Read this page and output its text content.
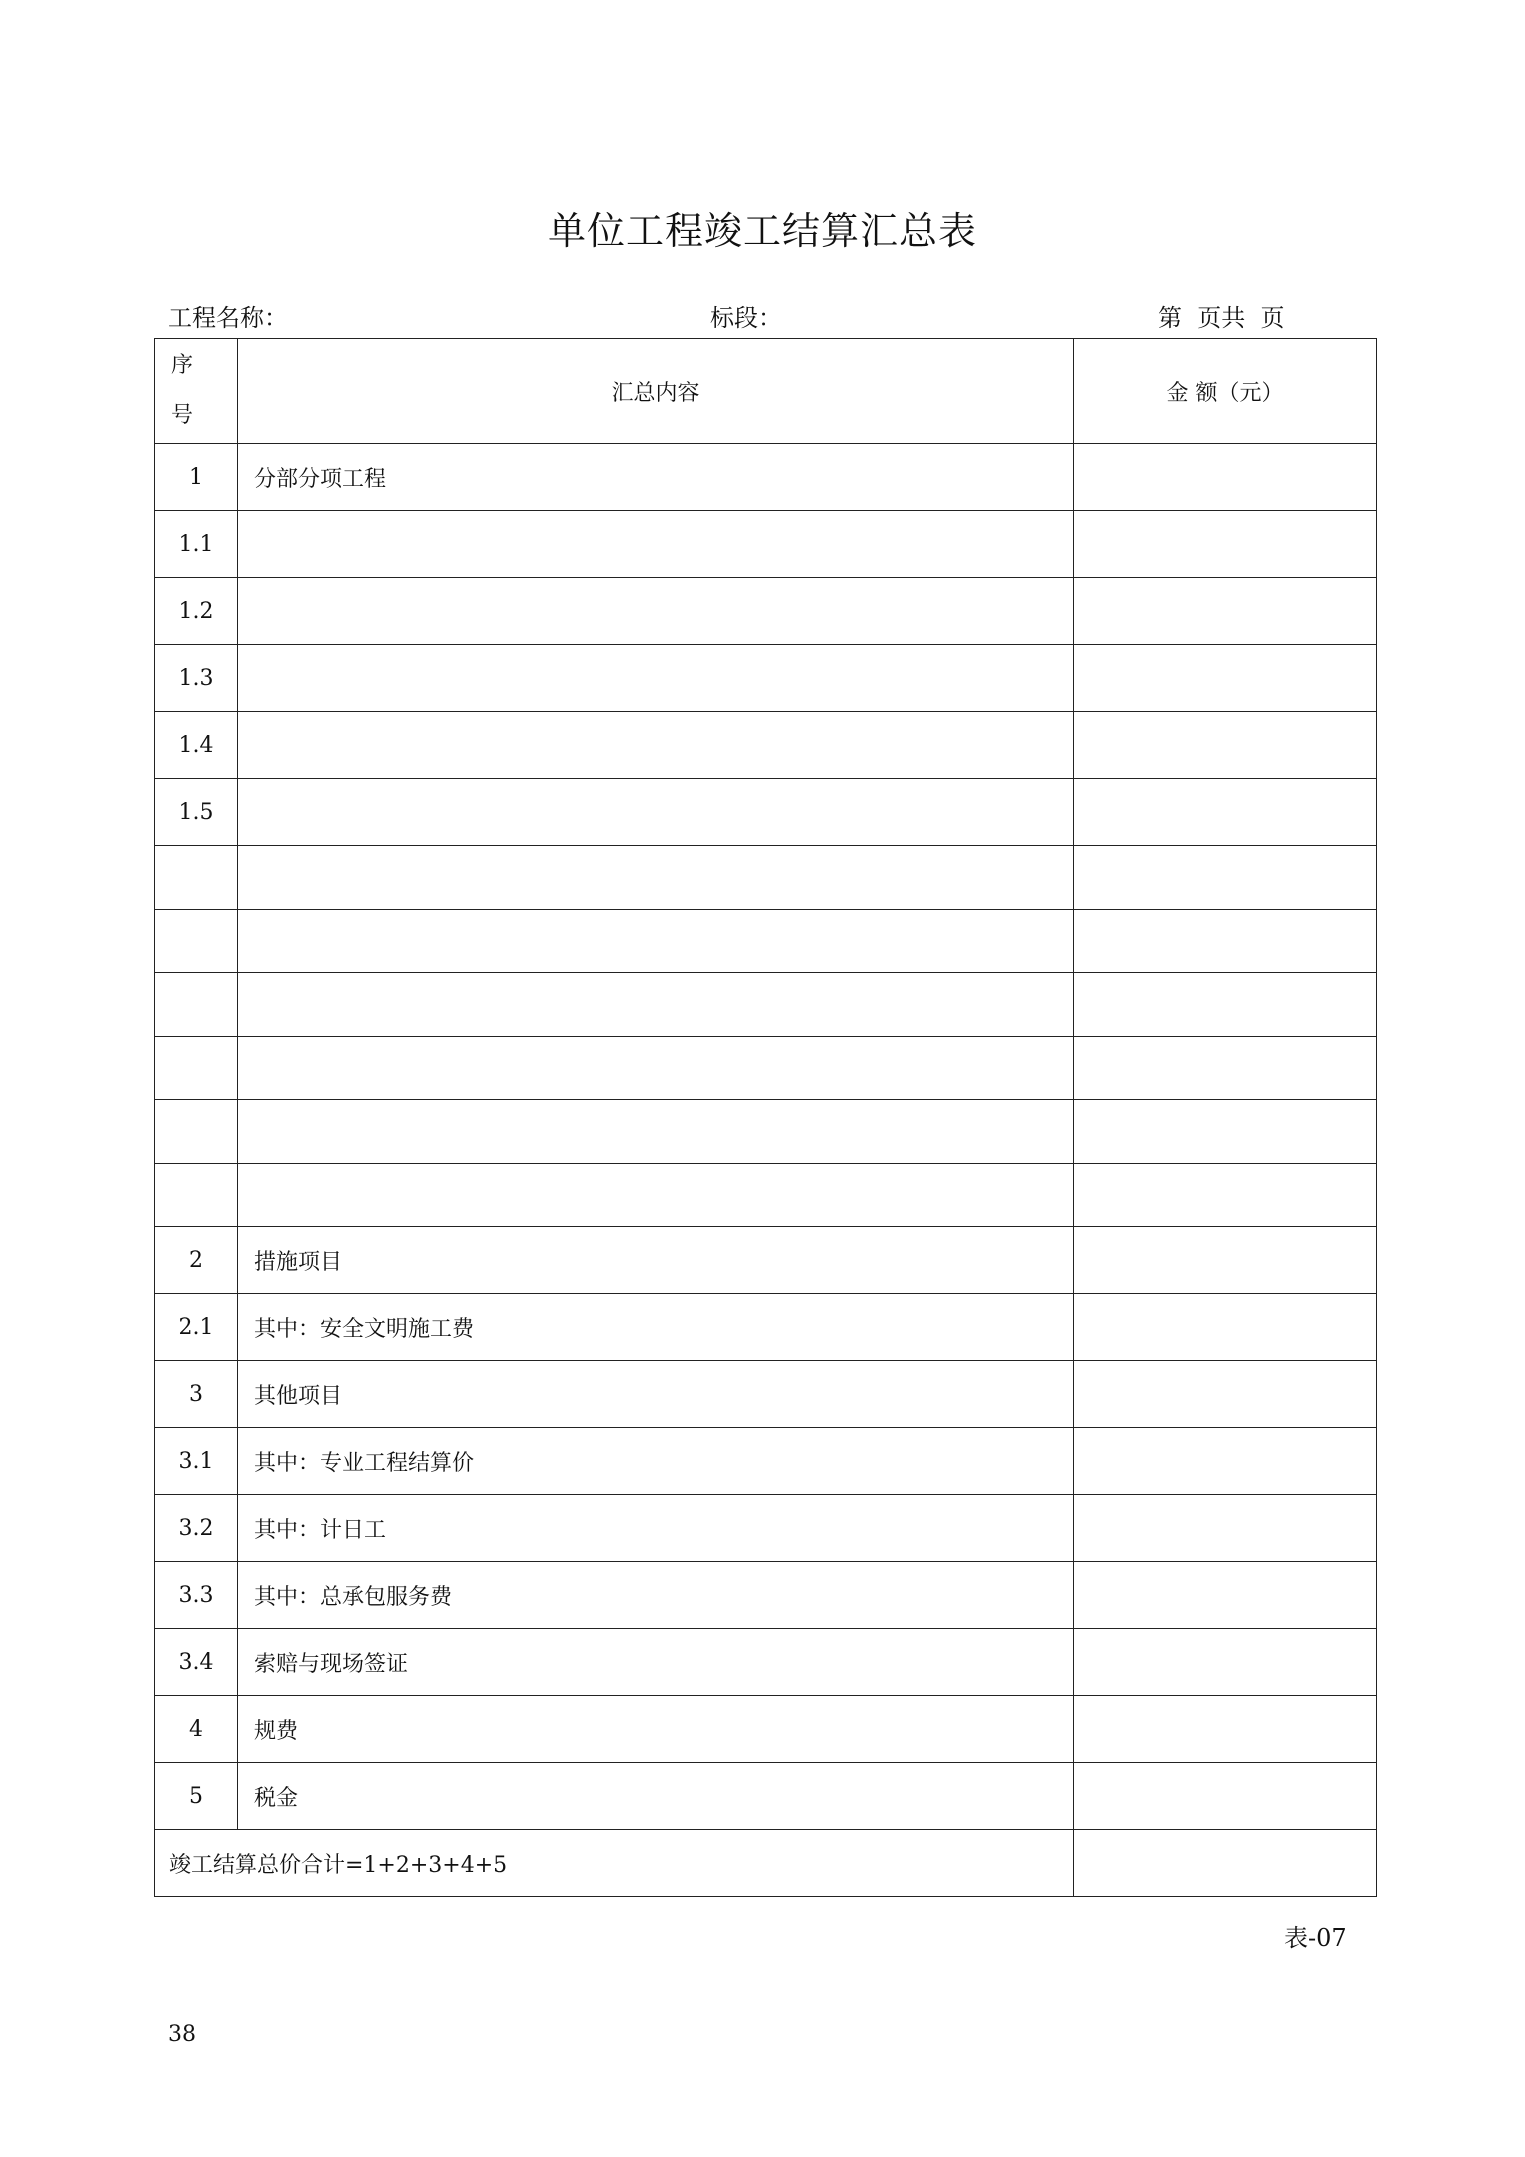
单位工程竣工结算汇总表
工程名称：	标段：	第  页共  页
序
号	汇总内容	金 额（元）
1	分部分项工程	
1.1		
1.2		
1.3		
1.4		
1.5		

2	措施项目	
2.1	其中：安全文明施工费	
3	其他项目	
3.1	其中：专业工程结算价	
3.2	其中：计日工	
3.3	其中：总承包服务费	
3.4	索赔与现场签证	
4	规费	
5	税金	
竣工结算总价合计=1+2+3+4+5		
表-07
38
